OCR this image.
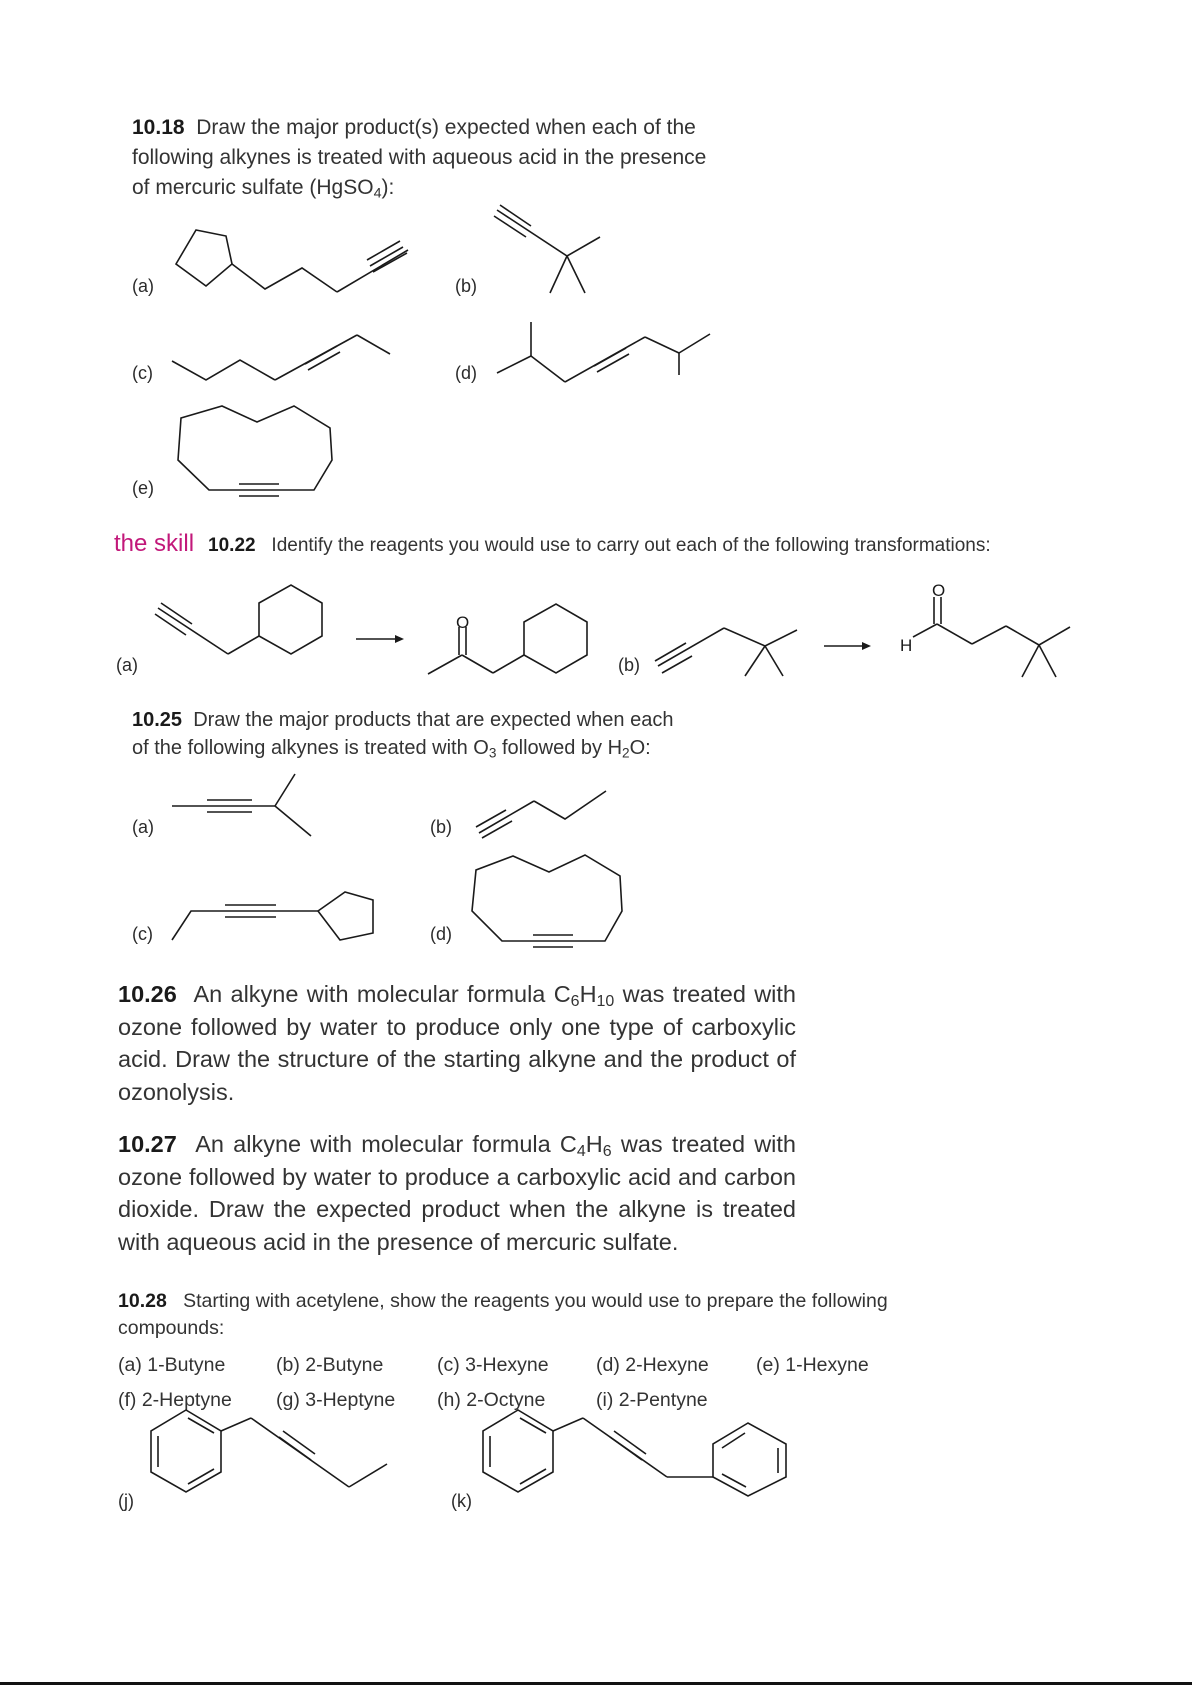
10.18 Draw the major product(s) expected when each of the
following alkynes is treated with aqueous acid in the presence
of mercuric sulfate (HgSO$_4$):
(a)	(b)
(c)	(d)
(e)
the skill 10.22 Identify the reagents you would use to carry out each of the following transformations:
(a)	(b)
10.25 Draw the major products that are expected when each
of the following alkynes is treated with $O_3$ followed by $H_2O$:
(a)	(b)
(c)	(d)
10.26 An alkyne with molecular formula $C_6H_{10}$ was treated with ozone followed by water to produce only one type of carboxylic acid. Draw the structure of the starting alkyne and the product of ozonolysis.
10.27 An alkyne with molecular formula $C_4H_6$ was treated with ozone followed by water to produce a carboxylic acid and carbon dioxide. Draw the expected product when the alkyne is treated with aqueous acid in the presence of mercuric sulfate.
10.28 Starting with acetylene, show the reagents you would use to prepare the following
compounds:
(a) 1-Butyne	(b) 2-Butyne	(c) 3-Hexyne (d) 2-Hexyne (e) 1-Hexyne
(f) 2-Heptyne (g) 3-Heptyne (h) 2-Octyne	(i) 2-Pentyne
(j)	(k)
O
H
O
